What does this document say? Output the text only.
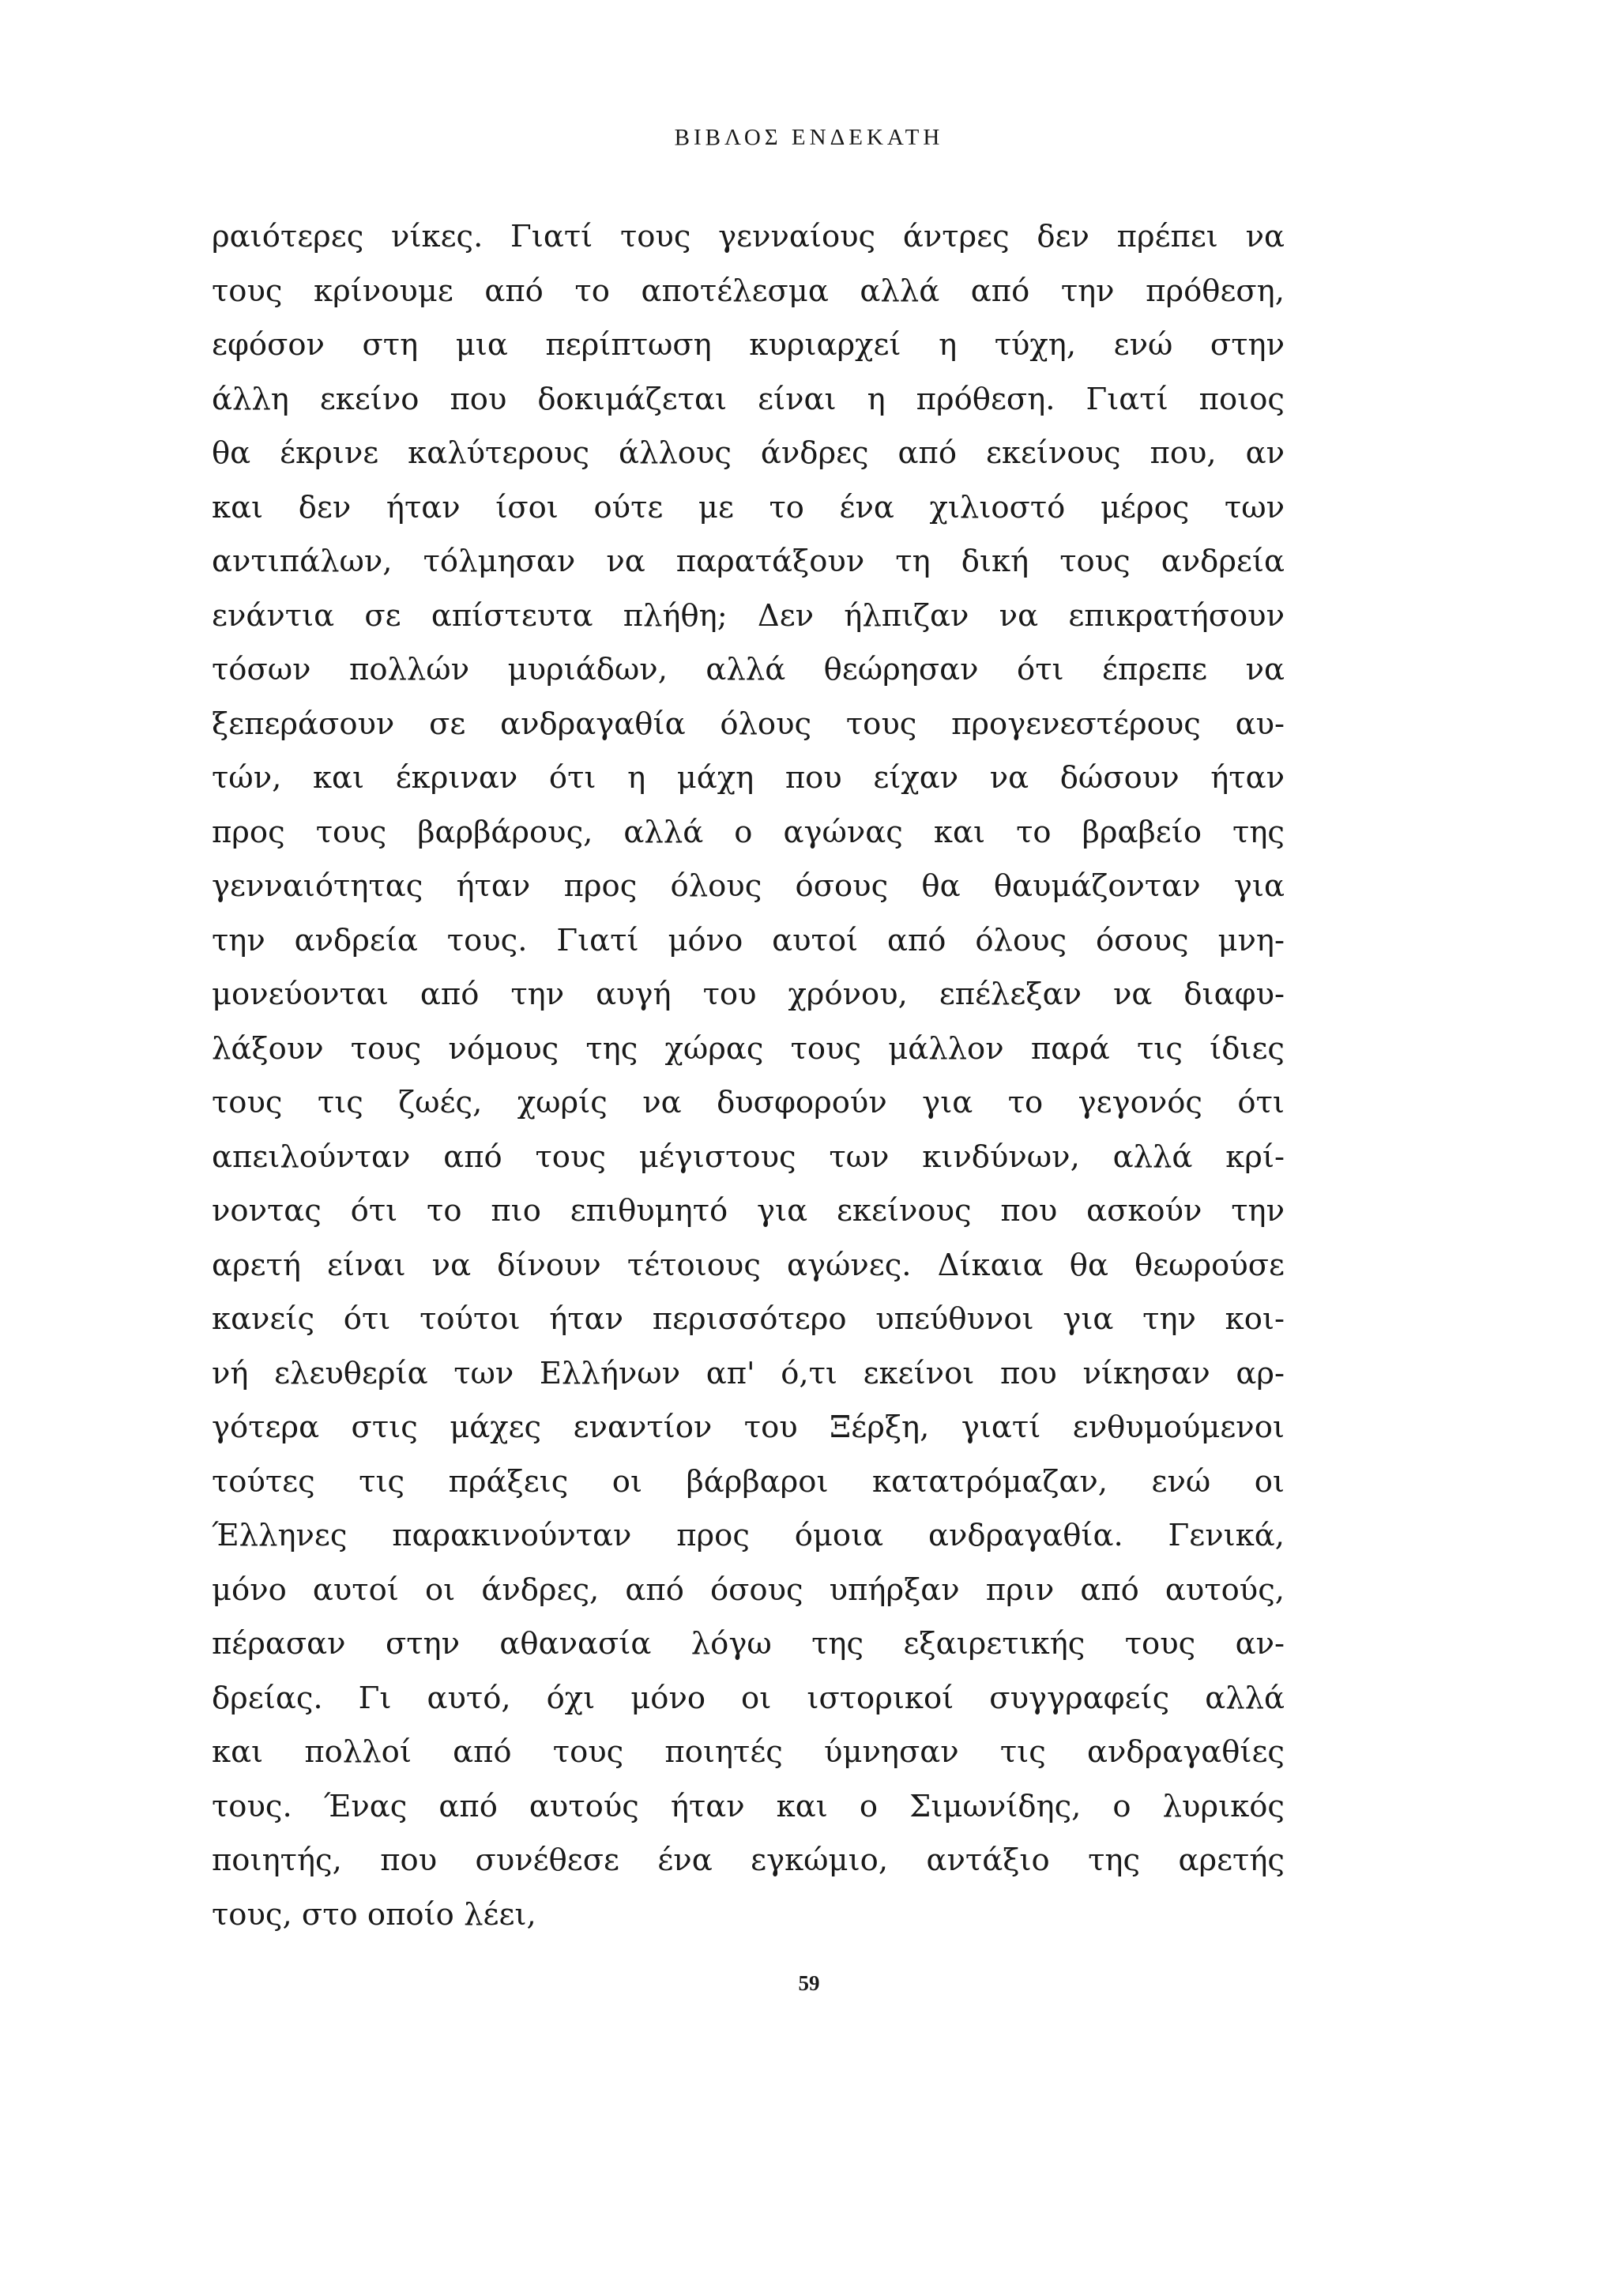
ΒΙΒΛΟΣ ΕΝΔΕΚΑΤΗ
ραιότερες νίκες. Γιατί τους γενναίους άντρες δεν πρέπει να
τους κρίνουμε από το αποτέλεσμα αλλά από την πρόθεση,
εφόσον στη μια περίπτωση κυριαρχεί η τύχη, ενώ στην
άλλη εκείνο που δοκιμάζεται είναι η πρόθεση. Γιατί ποιος
θα έκρινε καλύτερους άλλους άνδρες από εκείνους που, αν
και δεν ήταν ίσοι ούτε με το ένα χιλιοστό μέρος των
αντιπάλων, τόλμησαν να παρατάξουν τη δική τους ανδρεία
ενάντια σε απίστευτα πλήθη; Δεν ήλπιζαν να επικρατήσουν
τόσων πολλών μυριάδων, αλλά θεώρησαν ότι έπρεπε να
ξεπεράσουν σε ανδραγαθία όλους τους προγενεστέρους αυ-
τών, και έκριναν ότι η μάχη που είχαν να δώσουν ήταν
προς τους βαρβάρους, αλλά ο αγώνας και το βραβείο της
γενναιότητας ήταν προς όλους όσους θα θαυμάζονταν για
την ανδρεία τους. Γιατί μόνο αυτοί από όλους όσους μνη-
μονεύονται από την αυγή του χρόνου, επέλεξαν να διαφυ-
λάξουν τους νόμους της χώρας τους μάλλον παρά τις ίδιες
τους τις ζωές, χωρίς να δυσφορούν για το γεγονός ότι
απειλούνταν από τους μέγιστους των κινδύνων, αλλά κρί-
νοντας ότι το πιο επιθυμητό για εκείνους που ασκούν την
αρετή είναι να δίνουν τέτοιους αγώνες. Δίκαια θα θεωρούσε
κανείς ότι τούτοι ήταν περισσότερο υπεύθυνοι για την κοι-
νή ελευθερία των Ελλήνων απ' ό,τι εκείνοι που νίκησαν αρ-
γότερα στις μάχες εναντίον του Ξέρξη, γιατί ενθυμούμενοι
τούτες τις πράξεις οι βάρβαροι κατατρόμαζαν, ενώ οι
Έλληνες παρακινούνταν προς όμοια ανδραγαθία. Γενικά,
μόνο αυτοί οι άνδρες, από όσους υπήρξαν πριν από αυτούς,
πέρασαν στην αθανασία λόγω της εξαιρετικής τους αν-
δρείας. Γι αυτό, όχι μόνο οι ιστορικοί συγγραφείς αλλά
και πολλοί από τους ποιητές ύμνησαν τις ανδραγαθίες
τους. Ένας από αυτούς ήταν και ο Σιμωνίδης, ο λυρικός
ποιητής, που συνέθεσε ένα εγκώμιο, αντάξιο της αρετής
τους, στο οποίο λέει,
59
